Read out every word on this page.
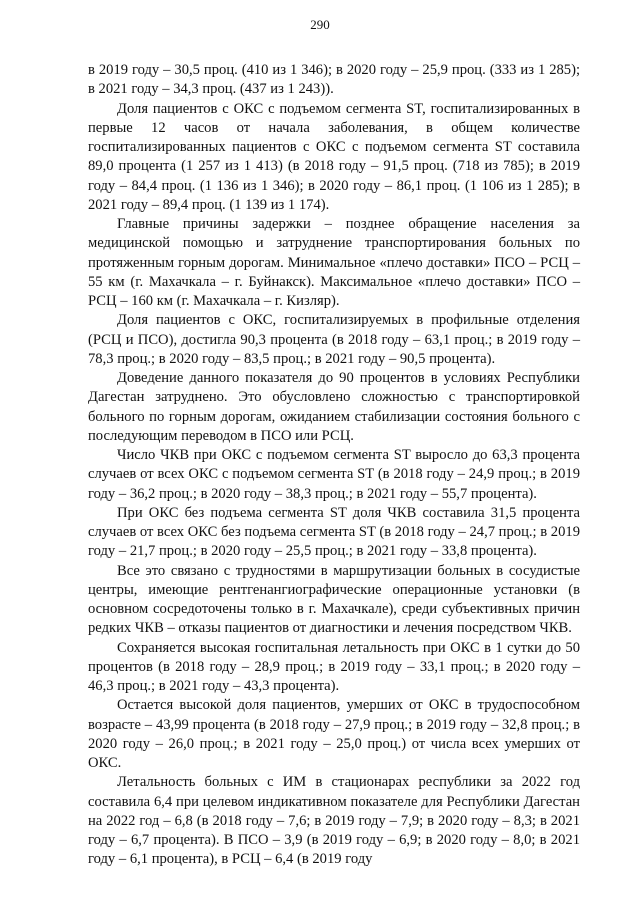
290

в 2019 году – 30,5 проц. (410 из 1 346); в 2020 году – 25,9 проц. (333 из 1 285); в 2021 году – 34,3 проц. (437 из 1 243)).

Доля пациентов с ОКС с подъемом сегмента ST, госпитализированных в первые 12 часов от начала заболевания, в общем количестве госпитализированных пациентов с ОКС с подъемом сегмента ST составила 89,0 процента (1 257 из 1 413) (в 2018 году – 91,5 проц. (718 из 785); в 2019 году – 84,4 проц. (1 136 из 1 346); в 2020 году – 86,1 проц. (1 106 из 1 285); в 2021 году – 89,4 проц. (1 139 из 1 174).

Главные причины задержки – позднее обращение населения за медицинской помощью и затруднение транспортирования больных по протяженным горным дорогам. Минимальное «плечо доставки» ПСО – РСЦ – 55 км (г. Махачкала – г. Буйнакск). Максимальное «плечо доставки» ПСО –РСЦ – 160 км (г. Махачкала – г. Кизляр).

Доля пациентов с ОКС, госпитализируемых в профильные отделения (РСЦ и ПСО), достигла 90,3 процента (в 2018 году – 63,1 проц.; в 2019 году – 78,3 проц.; в 2020 году – 83,5 проц.; в 2021 году – 90,5 процента).

Доведение данного показателя до 90 процентов в условиях Республики Дагестан затруднено. Это обусловлено сложностью с транспортировкой больного по горным дорогам, ожиданием стабилизации состояния больного с последующим переводом в ПСО или РСЦ.

Число ЧКВ при ОКС с подъемом сегмента ST выросло до 63,3 процента случаев от всех ОКС с подъемом сегмента ST (в 2018 году – 24,9 проц.; в 2019 году – 36,2 проц.; в 2020 году – 38,3 проц.; в 2021 году – 55,7 процента).

При ОКС без подъема сегмента ST доля ЧКВ составила 31,5 процента случаев от всех ОКС без подъема сегмента ST (в 2018 году – 24,7 проц.; в 2019 году – 21,7 проц.; в 2020 году – 25,5 проц.; в 2021 году – 33,8 процента).

Все это связано с трудностями в маршрутизации больных в сосудистые центры, имеющие рентгенангиографические операционные установки (в основном сосредоточены только в г. Махачкале), среди субъективных причин редких ЧКВ – отказы пациентов от диагностики и лечения посредством ЧКВ.

Сохраняется высокая госпитальная летальность при ОКС в 1 сутки до 50 процентов (в 2018 году – 28,9 проц.; в 2019 году – 33,1 проц.; в 2020 году – 46,3 проц.; в 2021 году – 43,3 процента).

Остается высокой доля пациентов, умерших от ОКС в трудоспособном возрасте – 43,99 процента (в 2018 году – 27,9 проц.; в 2019 году – 32,8 проц.; в 2020 году – 26,0 проц.; в 2021 году – 25,0 проц.) от числа всех умерших от ОКС.

Летальность больных с ИМ в стационарах республики за 2022 год составила 6,4 при целевом индикативном показателе для Республики Дагестан на 2022 год – 6,8 (в 2018 году – 7,6; в 2019 году – 7,9; в 2020 году – 8,3; в 2021 году – 6,7 процента). В ПСО – 3,9 (в 2019 году – 6,9; в 2020 году – 8,0; в 2021 году – 6,1 процента), в РСЦ – 6,4 (в 2019 году
